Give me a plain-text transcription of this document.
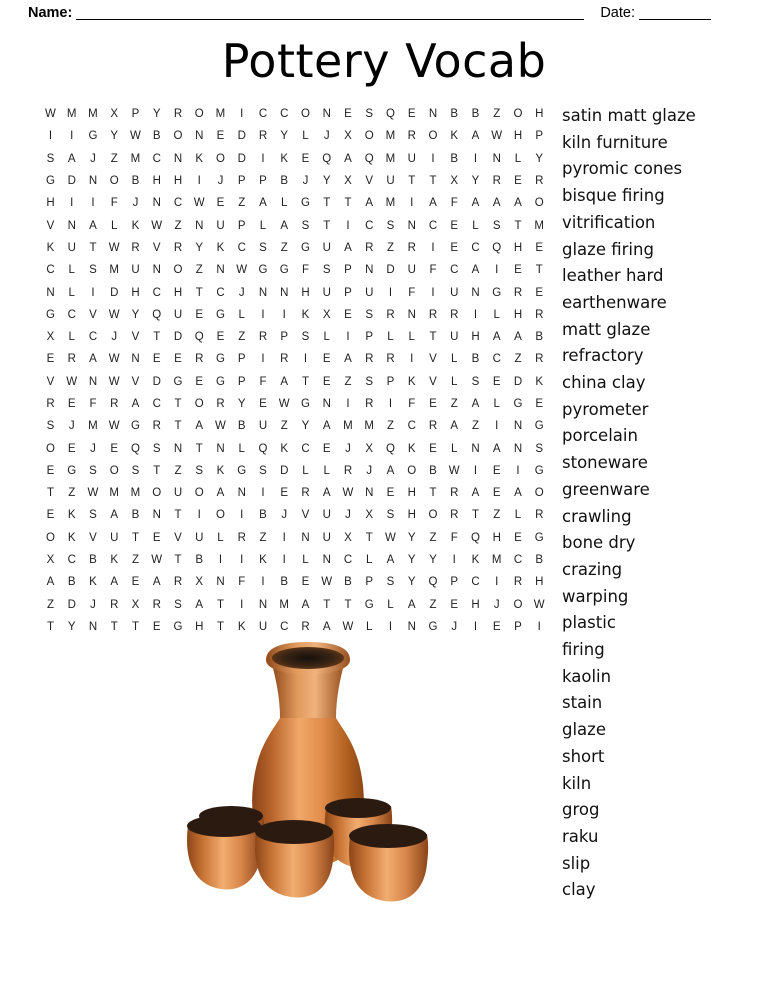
Name:	Date:
Pottery Vocab
W M M	X	P	Y	R	O	M	I	C	C	O	N	E	S	Q	E	N	B	B	Z	O	H
I	I	G	Y	W	B	O	N	E	D	R	Y	L	J	X	O	M	R	O	K	A	W H	P
S	A	J	Z	M	C	N	K	O	D	I	K	E	Q	A	Q	M	U	I	B	I	N	L	Y
G	D	N	O	B	H	H	I	J	P	P	B	J	Y	X	V	U	T	T	X	Y	R	E	R
H	I	I	F	J	N	C W	E	Z	A	L	G	T	T	A	M	I	A	F	A	A	A	O
V	N	A	L	K	W	Z	N	U	P	L	A	S	T	I	C	S	N	C	E	L	S	T	M
K	U	T	W R	V	R	Y	K	C	S	Z	G	U	A	R	Z	R	I	E	C	Q	H	E
C	L	S	M	U	N	O	Z	N W G	G	F	S	P	N	D	U	F	C	A	I	E	T
N	L	I	D	H	C	H	T	C	J	N	N	H	U	P	U	I	F	I	U	N	G	R	E
G	C	V	W	Y	Q	U	E	G	L	I	I	K	X	E	S	R	N	R	R	I	L	H	R
X	L	C	J	V	T	D	Q	E	Z	R	P	S	L	I	P	L	L	T	U	H	A	A	B
E	R	A	W N	E	E	R	G	P	I	R	I	E	A	R	R	I	V	L	B	C	Z	R
V	W N W	V	D	G	E	G	P	F	A	T	E	Z	S	P	K	V	L	S	E	D	K
R	E	F	R	A	C	T	O	R	Y	E	W G	N	I	R	I	F	E	Z	A	L	G	E
S	J	M W G	R	T	A	W	B	U	Z	Y	A	M M	Z	C	R	A	Z	I	N	G
O	E	J	E	Q	S	N	T	N	L	Q	K	C	E	J	X	Q	K	E	L	N	A	N	S
E	G	S	O	S	T	Z	S	K	G	S	D	L	L	R	J	A	O	B	W	I	E	I	G
T	Z	W M M	O	U	O	A	N	I	E	R	A	W N	E	H	T	R	A	E	A	O
E	K	S	A	B	N	T	I	O	I	B	J	V	U	J	X	S	H	O	R	T	Z	L	R
O	K	V	U	T	E	V	U	L	R	Z	I	N	U	X	T	W	Y	Z	F	Q	H	E	G
X	C	B	K	Z	W	T	B	I	I	K	I	L	N	C	L	A	Y	Y	I	K	M	C	B
A	B	K	A	E	A	R	X	N	F	I	B	E	W	B	P	S	Y	Q	P	C	I	R	H
Z	D	J	R	X	R	S	A	T	I	N	M	A	T	T	G	L	A	Z	E	H	J	O W
T	Y	N	T	T	E	G	H	T	K	U	C	R	A	W	L	I	N	G	J	I	E	P	I
satin matt glaze
kiln furniture
pyromic cones
bisque firing
vitrification
glaze firing
leather hard
earthenware
matt glaze
refractory
china clay
pyrometer
porcelain
stoneware
greenware
crawling
bone dry
crazing
warping
plastic
firing
kaolin
stain
glaze
short
kiln
grog
raku
slip
clay
